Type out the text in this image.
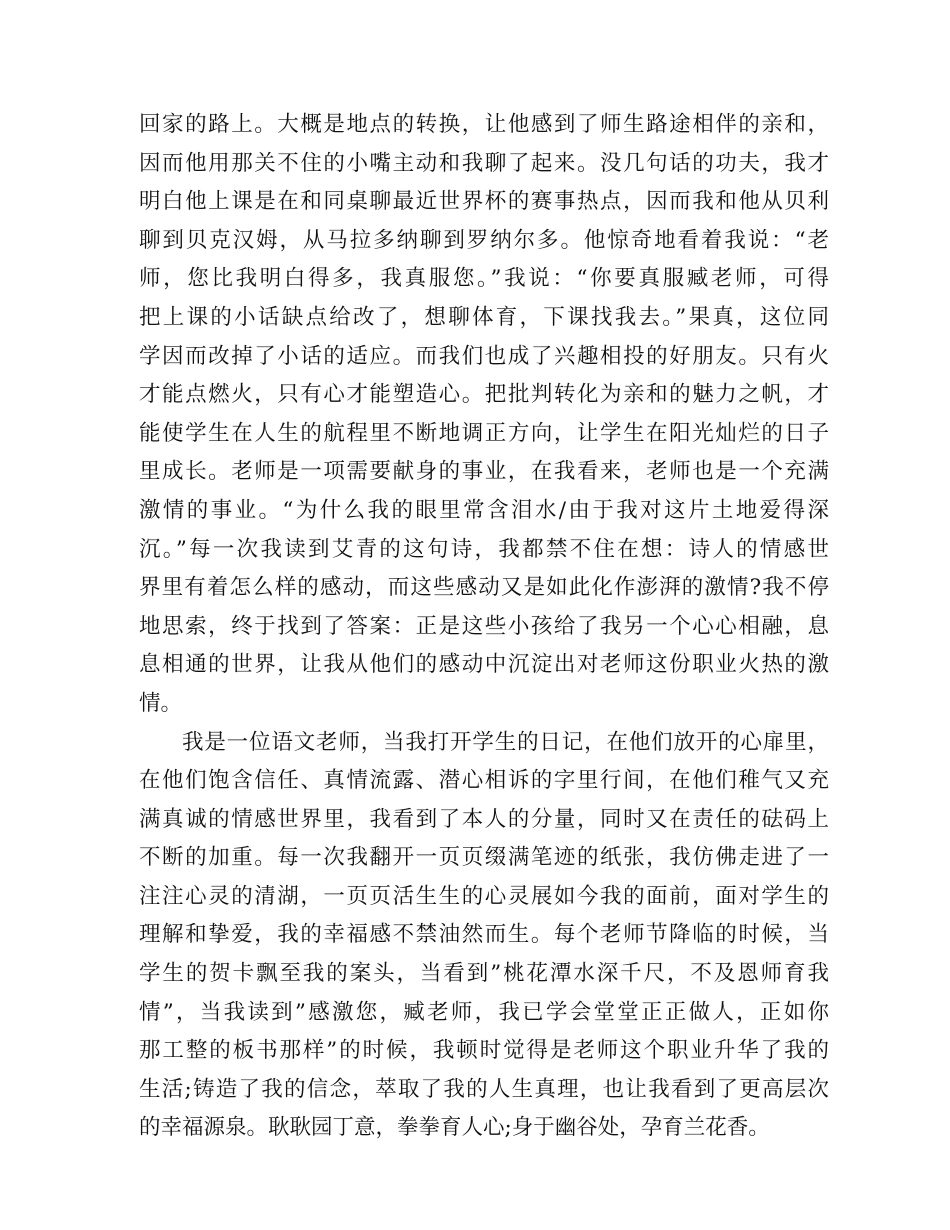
回家的路上。大概是地点的转换，让他感到了师生路途相伴的亲和，
因而他用那关不住的小嘴主动和我聊了起来。没几句话的功夫，我才
明白他上课是在和同桌聊最近世界杯的赛事热点，因而我和他从贝利
聊到贝克汉姆，从马拉多纳聊到罗纳尔多。他惊奇地看着我说：“老
师，您比我明白得多，我真服您。”我说：“你要真服臧老师，可得
把上课的小话缺点给改了，想聊体育，下课找我去。”果真，这位同
学因而改掉了小话的适应。而我们也成了兴趣相投的好朋友。只有火
才能点燃火，只有心才能塑造心。把批判转化为亲和的魅力之帆，才
能使学生在人生的航程里不断地调正方向，让学生在阳光灿烂的日子
里成长。老师是一项需要献身的事业，在我看来，老师也是一个充满
激情的事业。“为什么我的眼里常含泪水/由于我对这片土地爱得深
沉。”每一次我读到艾青的这句诗，我都禁不住在想：诗人的情感世
界里有着怎么样的感动，而这些感动又是如此化作澎湃的激情?我不停
地思索，终于找到了答案：正是这些小孩给了我另一个心心相融，息
息相通的世界，让我从他们的感动中沉淀出对老师这份职业火热的激
情。
我是一位语文老师，当我打开学生的日记，在他们放开的心扉里，
在他们饱含信任、真情流露、潜心相诉的字里行间，在他们稚气又充
满真诚的情感世界里，我看到了本人的分量，同时又在责任的砝码上
不断的加重。每一次我翻开一页页缀满笔迹的纸张，我仿佛走进了一
注注心灵的清湖，一页页活生生的心灵展如今我的面前，面对学生的
理解和挚爱，我的幸福感不禁油然而生。每个老师节降临的时候，当
学生的贺卡飘至我的案头，当看到”桃花潭水深千尺，不及恩师育我
情”，当我读到”感激您，臧老师，我已学会堂堂正正做人，正如你
那工整的板书那样”的时候，我顿时觉得是老师这个职业升华了我的
生活;铸造了我的信念，萃取了我的人生真理，也让我看到了更高层次
的幸福源泉。耿耿园丁意，拳拳育人心;身于幽谷处，孕育兰花香。
